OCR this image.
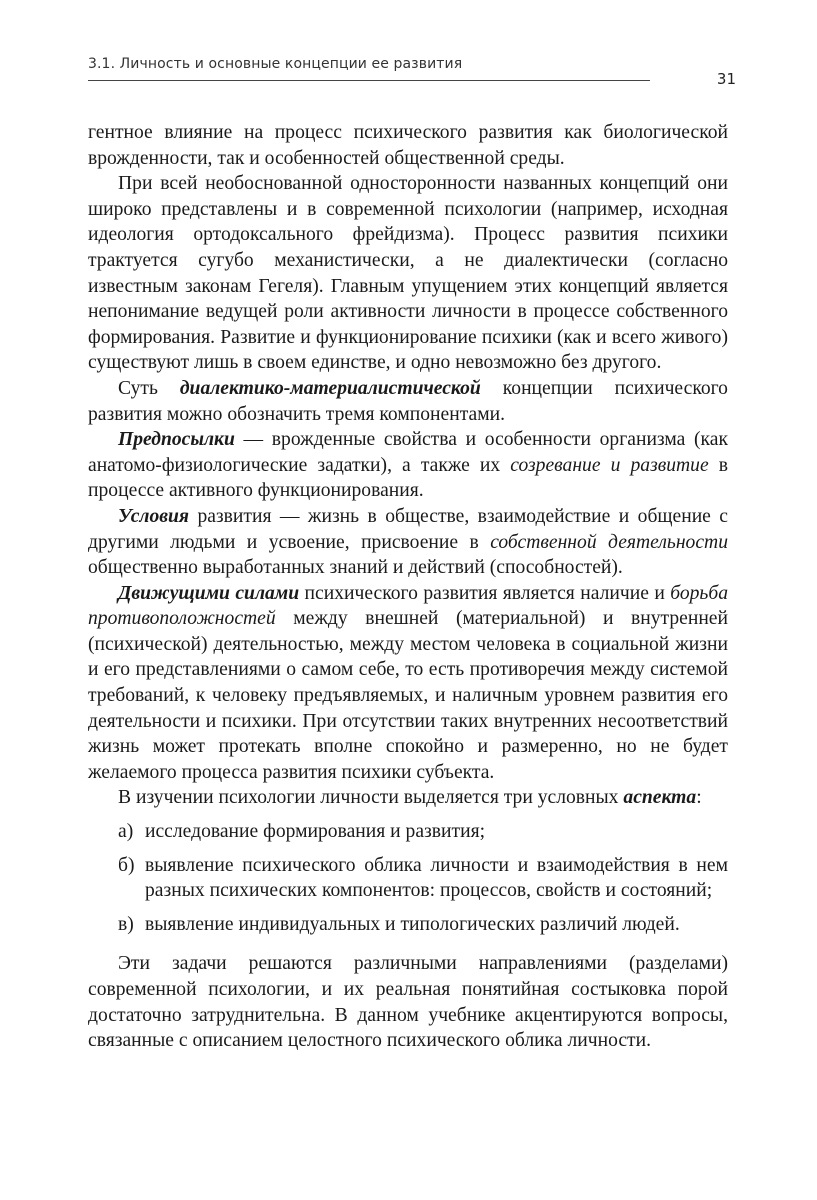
3.1. Личность и основные концепции ее развития
31

гентное влияние на процесс психического развития как биологической врожденности, так и особенностей общественной среды.

При всей необоснованной односторонности названных концепций они широко представлены и в современной психологии (например, исходная идеология ортодоксального фрейдизма). Процесс развития психики трактуется сугубо механистически, а не диалектически (согласно известным законам Гегеля). Главным упущением этих концепций является непонимание ведущей роли активности личности в процессе собственного формирования. Развитие и функционирование психики (как и всего живого) существуют лишь в своем единстве, и одно невозможно без другого.

Суть диалектико-материалистической концепции психического развития можно обозначить тремя компонентами.

Предпосылки — врожденные свойства и особенности организма (как анатомо-физиологические задатки), а также их созревание и развитие в процессе активного функционирования.

Условия развития — жизнь в обществе, взаимодействие и общение с другими людьми и усвоение, присвоение в собственной деятельности общественно выработанных знаний и действий (способностей).

Движущими силами психического развития является наличие и борьба противоположностей между внешней (материальной) и внутренней (психической) деятельностью, между местом человека в социальной жизни и его представлениями о самом себе, то есть противоречия между системой требований, к человеку предъявляемых, и наличным уровнем развития его деятельности и психики. При отсутствии таких внутренних несоответствий жизнь может протекать вполне спокойно и размеренно, но не будет желаемого процесса развития психики субъекта.

В изучении психологии личности выделяется три условных аспекта:

а) исследование формирования и развития;
б) выявление психического облика личности и взаимодействия в нем разных психических компонентов: процессов, свойств и состояний;
в) выявление индивидуальных и типологических различий людей.

Эти задачи решаются различными направлениями (разделами) современной психологии, и их реальная понятийная состыковка порой достаточно затруднительна. В данном учебнике акцентируются вопросы, связанные с описанием целостного психического облика личности.
